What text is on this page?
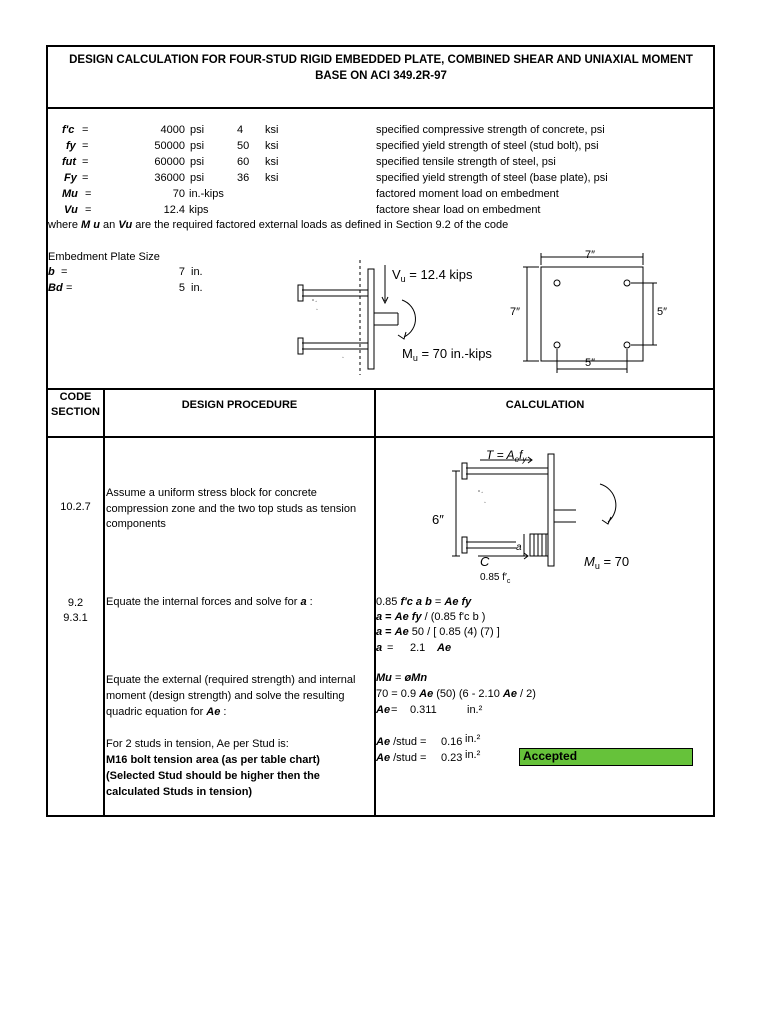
DESIGN CALCULATION FOR FOUR-STUD RIGID EMBEDDED PLATE, COMBINED SHEAR AND UNIAXIAL MOMENT
BASE ON ACI 349.2R-97
f'c =	4000 psi	4 ksi	specified compressive strength of concrete, psi
fy =	50000 psi	50 ksi	specified yield strength of steel (stud bolt), psi
fut =	60000 psi	60 ksi	specified tensile strength of steel, psi
Fy =	36000 psi	36 ksi	specified yield strength of steel (base plate), psi
Mu =	70 in.-kips	factored moment load on embedment
Vu =	12.4 kips	factore shear load on embedment
where M u an Vu are the required factored external loads as defined in Section 9.2 of the code
Embedment Plate Size
b =	7 in.
Bd =	5 in.
° ◦
◦
◦
$V_u = 12.4$ kips
$M_u = 70$ in.-kips
7″
7″	5″
5″
CODE
SECTION
DESIGN PROCEDURE	CALCULATION
$T = A_ef_y$
6″
C
a
0.85 $f'_c$
$M_u = 70$
° ◦
◦
10.2.7
Assume a uniform stress block for concrete
compression zone and the two top studs as tension
components
9.2
9.3.1
Equate the internal forces and solve for a :	0.85 f'c a b = Ae fy
a = Ae fy / (0.85 f'c b )
a = Ae 50 / [ 0.85 (4) (7) ]
a = 2.1 Ae
Equate the external (required strength) and internal
moment (design strength) and solve the resulting
quadric equation for Ae :
Mu = øMn
70 = 0.9 Ae (50) (6 - 2.10 Ae / 2)
Ae = 0.311	in.²
For 2 studs in tension, Ae per Stud is:
M16 bolt tension area (as per table chart)
(Selected Stud should be higher then the
calculated Studs in tension)
Ae /stud = 0.16 in.²
Ae /stud = 0.23 in.²	Accepted
